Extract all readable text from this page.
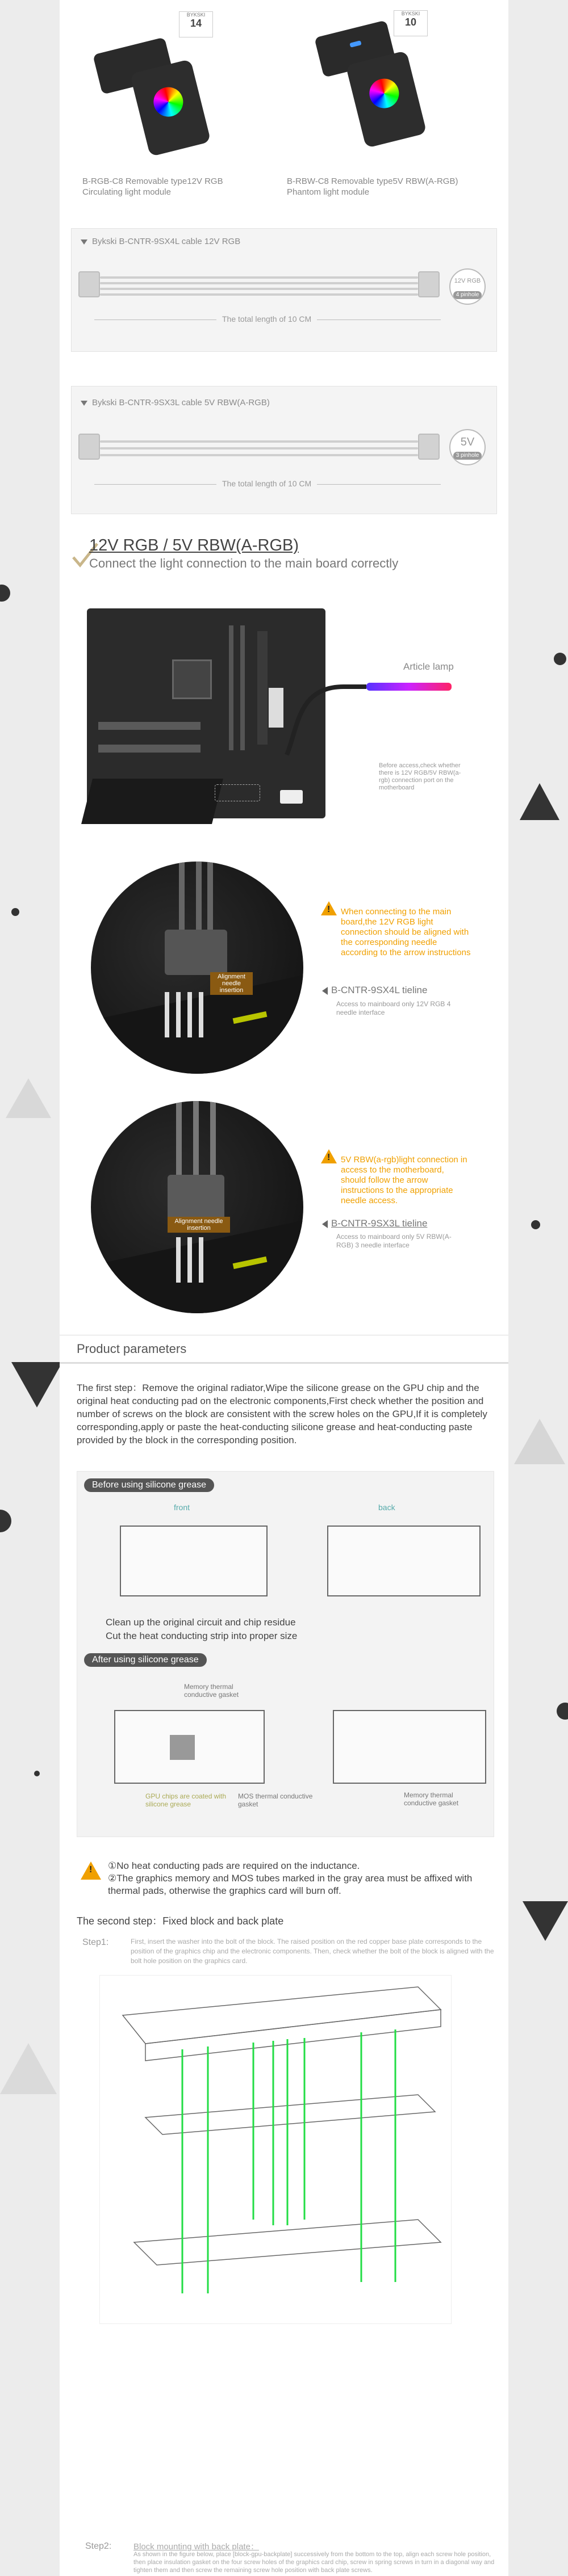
BYKSKI
14
B-RGB-C8 Removable type12V RGB
Circulating light module
BYKSKI
10
B-RBW-C8 Removable type5V RBW(A-RGB)
Phantom light module
Bykski B-CNTR-9SX4L cable 12V RGB
12V RGB
4 pinhole
The total length of 10 CM
Bykski B-CNTR-9SX3L cable 5V RBW(A-RGB)
5V
3 pinhole
The total length of 10 CM
12V RGB / 5V RBW(A-RGB)
Connect the light connection to the main board correctly
Article lamp
Before access,check whether there is 12V RGB/5V RBW(a-rgb) connection port on the motherboard
Alignment needle insertion
!
When connecting to the main board,the 12V RGB light connection should be aligned with the corresponding needle according to the arrow instructions
B-CNTR-9SX4L tieline
Access to mainboard only 12V RGB 4 needle interface
Alignment needle insertion
!
5V RBW(a-rgb)light connection in access to the motherboard, should follow the arrow instructions to the appropriate needle access.
B-CNTR-9SX3L tieline
Access to mainboard only 5V RBW(A-RGB) 3 needle interface
Product parameters
The first step：Remove the original radiator,Wipe the silicone grease on the GPU chip and the original heat conducting pad on the electronic components,First check whether the position and number of screws on the block are consistent with the screw holes on the GPU,If it is completely corresponding,apply or paste the heat-conducting silicone grease and heat-conducting paste provided by the block in the corresponding position.
Before using silicone grease
front	back
Clean up the original circuit and chip residue
Cut the heat conducting strip into proper size
After using silicone grease
Memory thermal conductive gasket
GPU chips are coated with silicone grease
MOS thermal conductive gasket
Memory thermal conductive gasket
!
①No heat conducting pads are required on the inductance.
②The graphics memory and MOS tubes marked in the gray area must be affixed with thermal pads, otherwise the graphics card will burn off.
The second step：Fixed block and back plate
Step1:	First, insert the washer into the bolt of the block. The raised position on the red copper base plate corresponds to the position of the graphics chip and the electronic components. Then, check whether the bolt of the block is aligned with the bolt hole position on the graphics card.
Step2:	Block mounting with back plate：
As shown in the figure below, place [block-gpu-backplate] successively from the bottom to the top, align each screw hole position, then place insulation gasket on the four screw holes of the graphics card chip, screw in spring screws in turn in a diagonal way and tighten them and then screw the remaining screw hole position with back plate screws.
